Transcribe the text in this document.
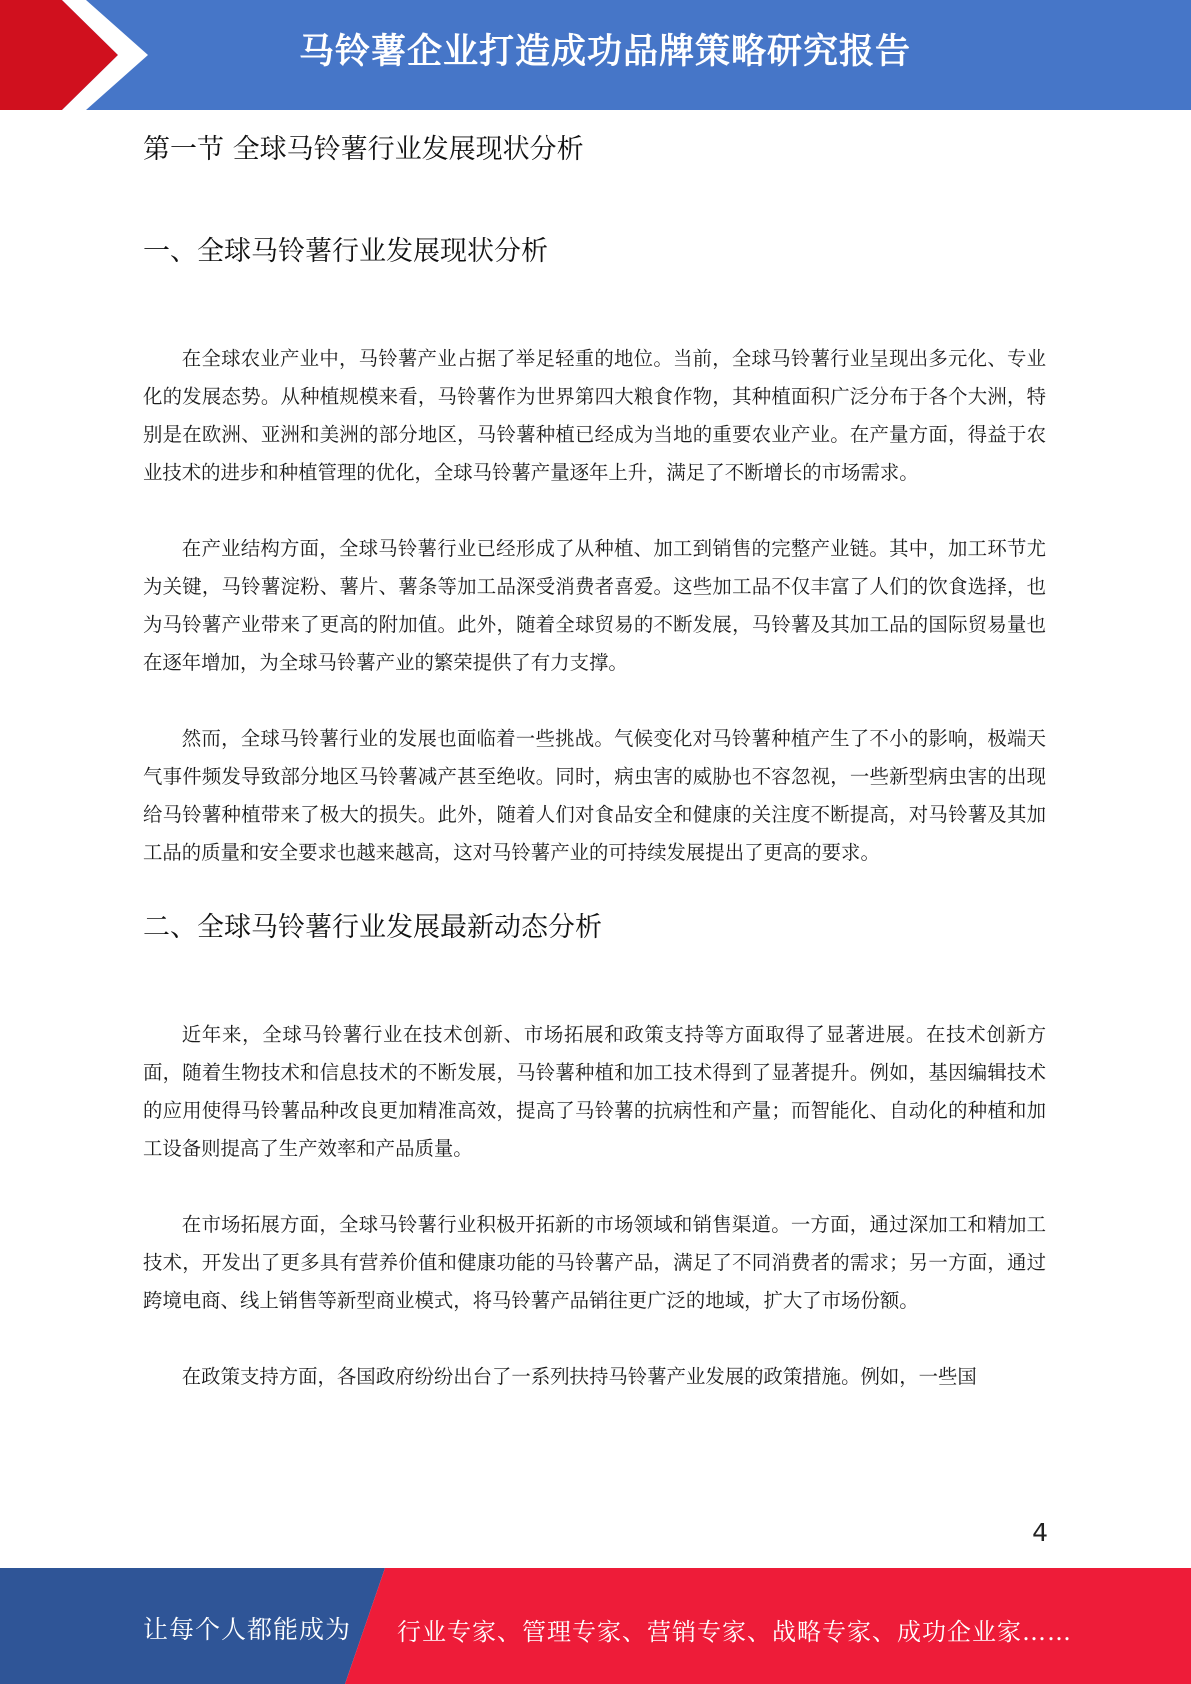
马铃薯企业打造成功品牌策略研究报告
第一节 全球马铃薯行业发展现状分析
一、全球马铃薯行业发展现状分析

在全球农业产业中，马铃薯产业占据了举足轻重的地位。当前，全球马铃薯行业呈现出多元化、专业化的发展态势。从种植规模来看，马铃薯作为世界第四大粮食作物，其种植面积广泛分布于各个大洲，特别是在欧洲、亚洲和美洲的部分地区，马铃薯种植已经成为当地的重要农业产业。在产量方面，得益于农业技术的进步和种植管理的优化，全球马铃薯产量逐年上升，满足了不断增长的市场需求。

在产业结构方面，全球马铃薯行业已经形成了从种植、加工到销售的完整产业链。其中，加工环节尤为关键，马铃薯淀粉、薯片、薯条等加工品深受消费者喜爱。这些加工品不仅丰富了人们的饮食选择，也为马铃薯产业带来了更高的附加值。此外，随着全球贸易的不断发展，马铃薯及其加工品的国际贸易量也在逐年增加，为全球马铃薯产业的繁荣提供了有力支撑。

然而，全球马铃薯行业的发展也面临着一些挑战。气候变化对马铃薯种植产生了不小的影响，极端天气事件频发导致部分地区马铃薯减产甚至绝收。同时，病虫害的威胁也不容忽视，一些新型病虫害的出现给马铃薯种植带来了极大的损失。此外，随着人们对食品安全和健康的关注度不断提高，对马铃薯及其加工品的质量和安全要求也越来越高，这对马铃薯产业的可持续发展提出了更高的要求。

二、全球马铃薯行业发展最新动态分析

近年来，全球马铃薯行业在技术创新、市场拓展和政策支持等方面取得了显著进展。在技术创新方面，随着生物技术和信息技术的不断发展，马铃薯种植和加工技术得到了显著提升。例如，基因编辑技术的应用使得马铃薯品种改良更加精准高效，提高了马铃薯的抗病性和产量；而智能化、自动化的种植和加工设备则提高了生产效率和产品质量。

在市场拓展方面，全球马铃薯行业积极开拓新的市场领域和销售渠道。一方面，通过深加工和精加工技术，开发出了更多具有营养价值和健康功能的马铃薯产品，满足了不同消费者的需求；另一方面，通过跨境电商、线上销售等新型商业模式，将马铃薯产品销往更广泛的地域，扩大了市场份额。

在政策支持方面，各国政府纷纷出台了一系列扶持马铃薯产业发展的政策措施。例如，一些国

4
让每个人都能成为 行业专家、管理专家、营销专家、战略专家、成功企业家……
